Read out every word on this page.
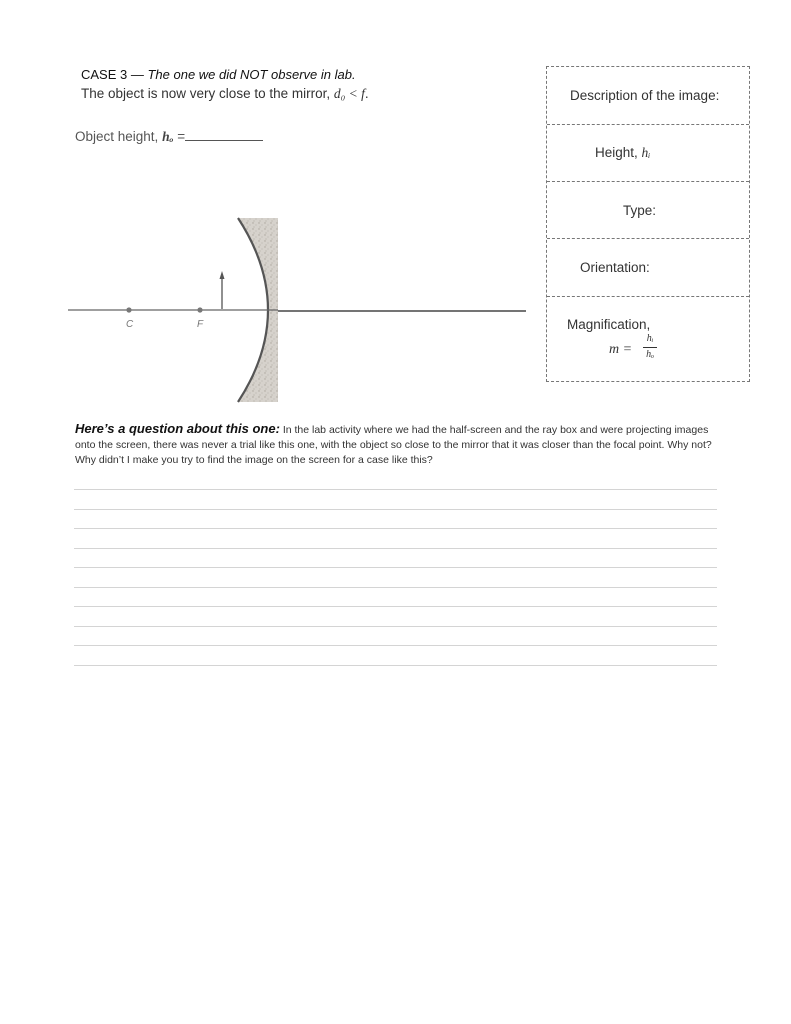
CASE 3 — The one we did NOT observe in lab.
The object is now very close to the mirror, d₀ < f.
Object height, hₒ =
C	F
Description of the image:
Height, hᵢ
Type:
Orientation:
Magnification,
m =
hᵢ
hₒ
Here’s a question about this one: In the lab activity where we had the half-screen and the ray box and were projecting images onto the screen, there was never a trial like this one, with the object so close to the mirror that it was closer than the focal point. Why not? Why didn’t I make you try to find the image on the screen for a case like this?
